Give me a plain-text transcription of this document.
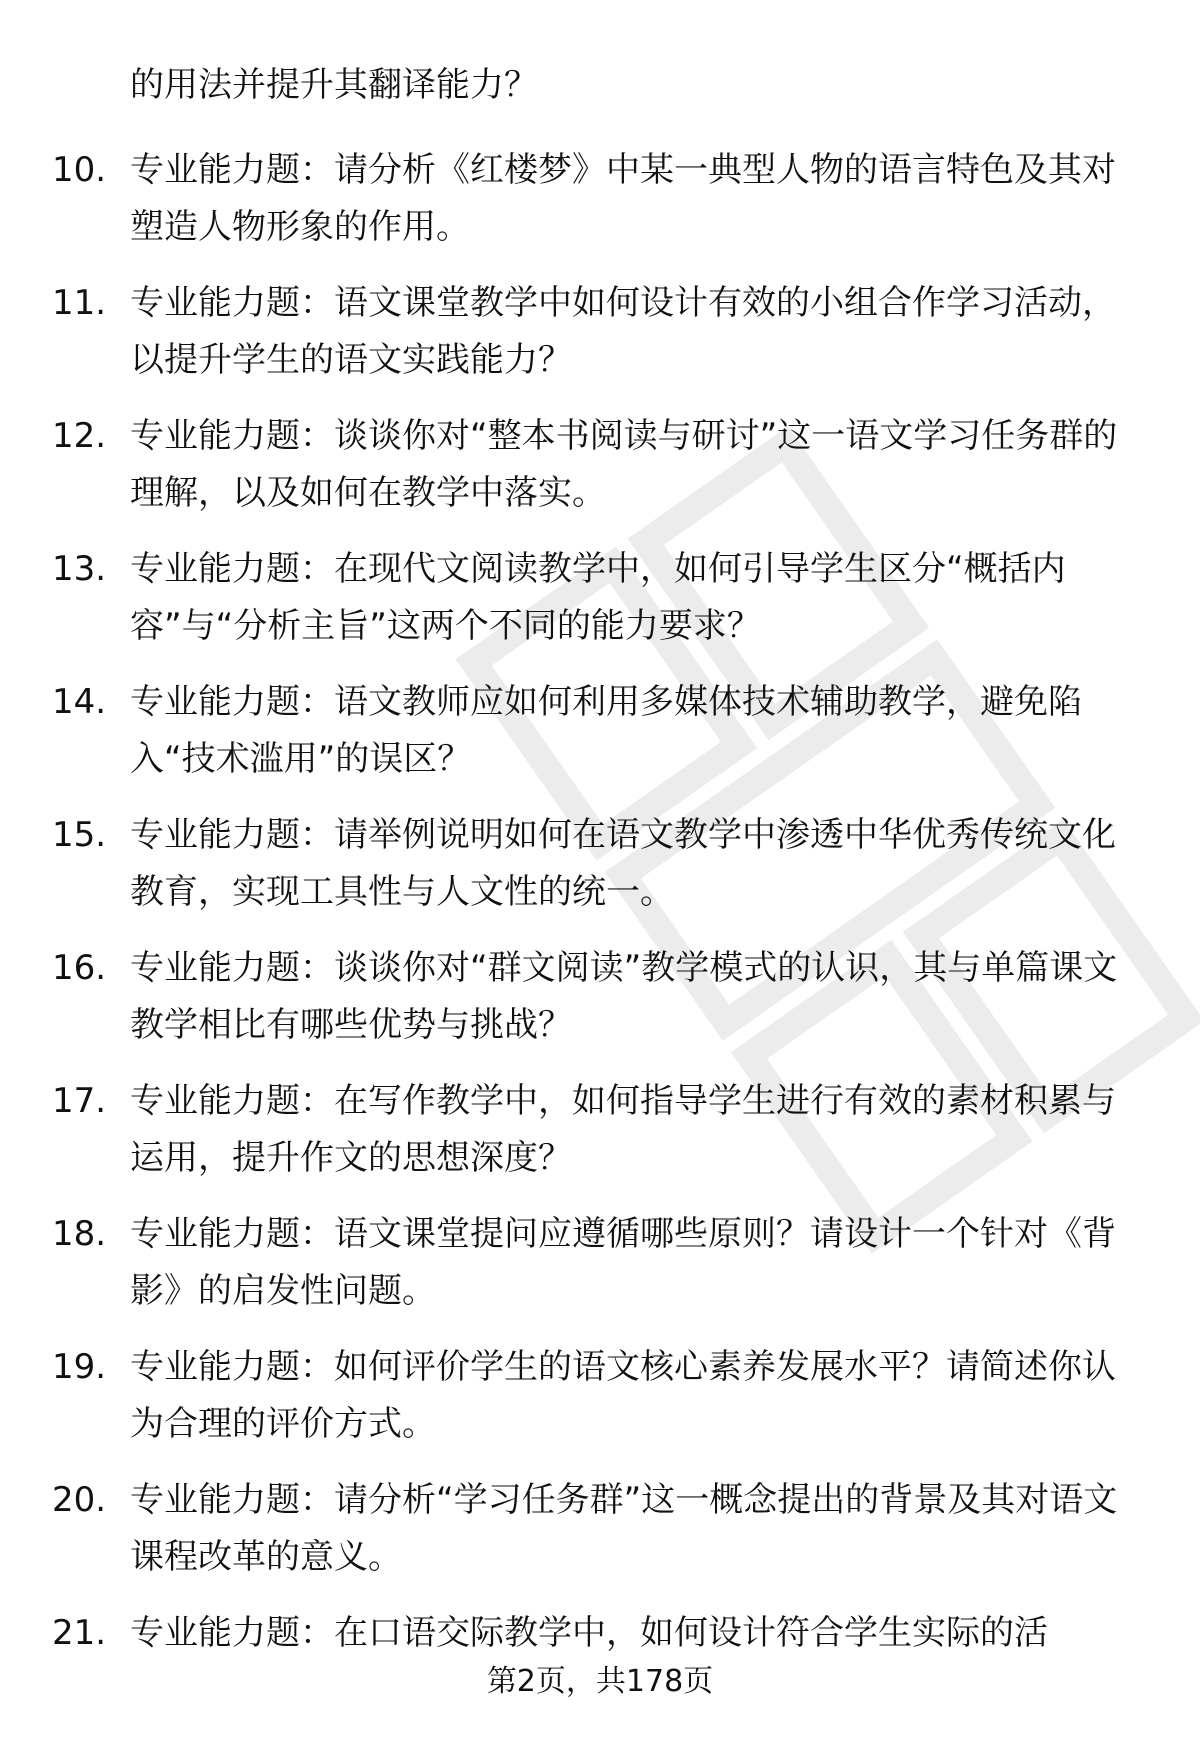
的用法并提升其翻译能力？
10. 专业能力题：请分析《红楼梦》中某一典型人物的语言特色及其对塑造人物形象的作用。
11. 专业能力题：语文课堂教学中如何设计有效的小组合作学习活动，以提升学生的语文实践能力？
12. 专业能力题：谈谈你对“整本书阅读与研讨”这一语文学习任务群的理解，以及如何在教学中落实。
13. 专业能力题：在现代文阅读教学中，如何引导学生区分“概括内容”与“分析主旨”这两个不同的能力要求？
14. 专业能力题：语文教师应如何利用多媒体技术辅助教学，避免陷入“技术滥用”的误区？
15. 专业能力题：请举例说明如何在语文教学中渗透中华优秀传统文化教育，实现工具性与人文性的统一。
16. 专业能力题：谈谈你对“群文阅读”教学模式的认识，其与单篇课文教学相比有哪些优势与挑战？
17. 专业能力题：在写作教学中，如何指导学生进行有效的素材积累与运用，提升作文的思想深度？
18. 专业能力题：语文课堂提问应遵循哪些原则？请设计一个针对《背影》的启发性问题。
19. 专业能力题：如何评价学生的语文核心素养发展水平？请简述你认为合理的评价方式。
20. 专业能力题：请分析“学习任务群”这一概念提出的背景及其对语文课程改革的意义。
21. 专业能力题：在口语交际教学中，如何设计符合学生实际的活
第2页，共178页
